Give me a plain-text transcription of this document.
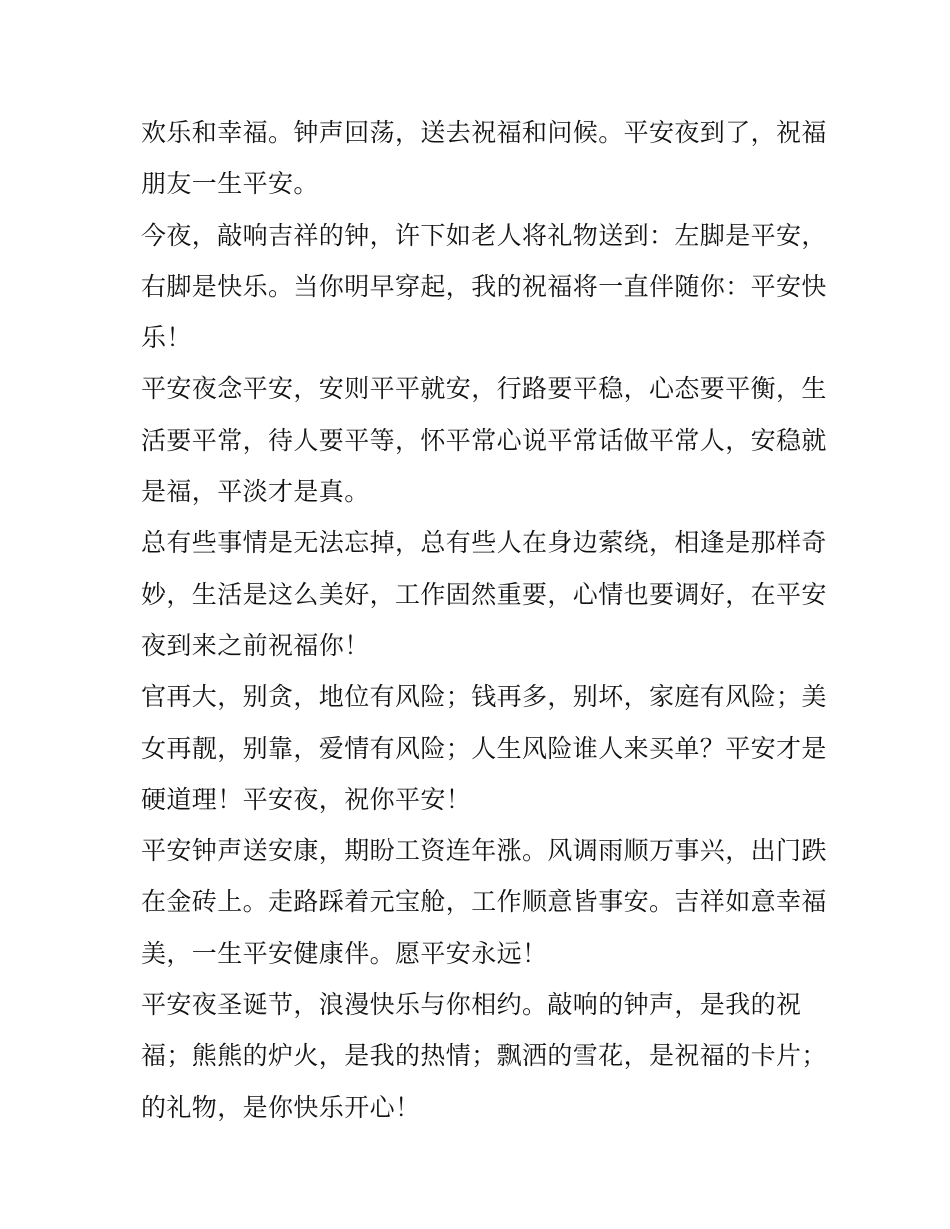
欢乐和幸福。钟声回荡，送去祝福和问候。平安夜到了，祝福
朋友一生平安。
今夜，敲响吉祥的钟，许下如老人将礼物送到：左脚是平安，
右脚是快乐。当你明早穿起，我的祝福将一直伴随你：平安快
乐！
平安夜念平安，安则平平就安，行路要平稳，心态要平衡，生
活要平常，待人要平等，怀平常心说平常话做平常人，安稳就
是福，平淡才是真。
总有些事情是无法忘掉，总有些人在身边萦绕，相逢是那样奇
妙，生活是这么美好，工作固然重要，心情也要调好，在平安
夜到来之前祝福你！
官再大，别贪，地位有风险；钱再多，别坏，家庭有风险；美
女再靓，别靠，爱情有风险；人生风险谁人来买单？平安才是
硬道理！平安夜，祝你平安！
平安钟声送安康，期盼工资连年涨。风调雨顺万事兴，出门跌
在金砖上。走路踩着元宝舱，工作顺意皆事安。吉祥如意幸福
美，一生平安健康伴。愿平安永远！
平安夜圣诞节，浪漫快乐与你相约。敲响的钟声，是我的祝
福；熊熊的炉火，是我的热情；飘洒的雪花，是祝福的卡片；
的礼物，是你快乐开心！
